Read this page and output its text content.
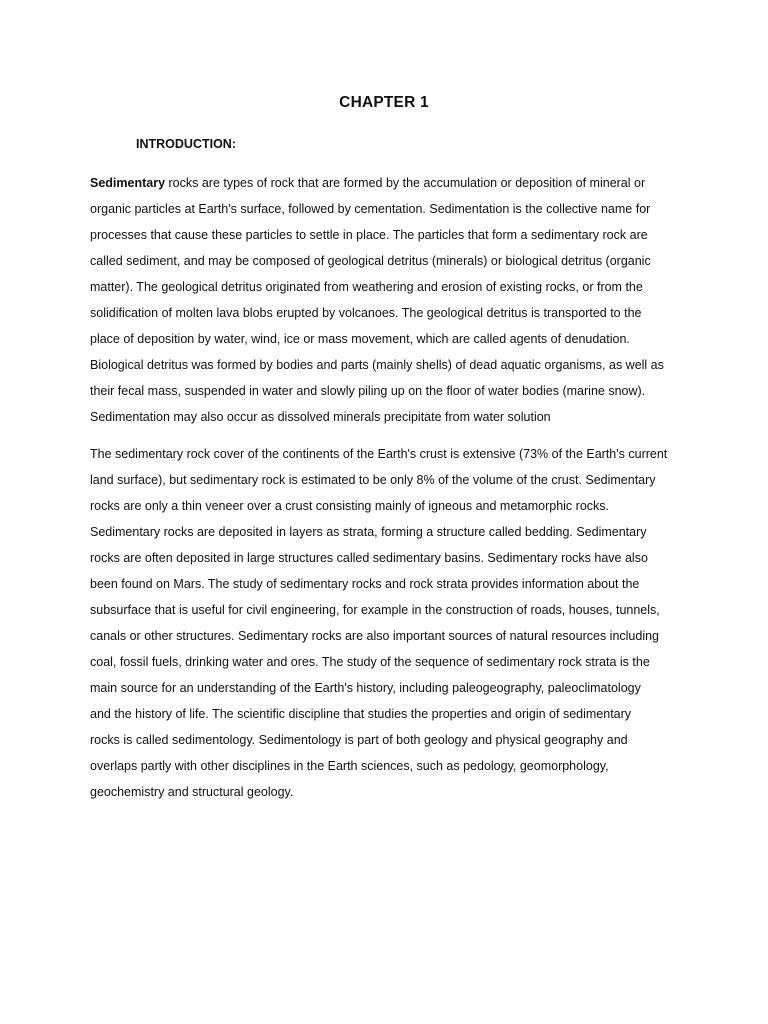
CHAPTER 1
INTRODUCTION:

Sedimentary rocks are types of rock that are formed by the accumulation or deposition of mineral or
organic particles at Earth's surface, followed by cementation. Sedimentation is the collective name for
processes that cause these particles to settle in place. The particles that form a sedimentary rock are
called sediment, and may be composed of geological detritus (minerals) or biological detritus (organic
matter). The geological detritus originated from weathering and erosion of existing rocks, or from the
solidification of molten lava blobs erupted by volcanoes. The geological detritus is transported to the
place of deposition by water, wind, ice or mass movement, which are called agents of denudation.
Biological detritus was formed by bodies and parts (mainly shells) of dead aquatic organisms, as well as
their fecal mass, suspended in water and slowly piling up on the floor of water bodies (marine snow).
Sedimentation may also occur as dissolved minerals precipitate from water solution

The sedimentary rock cover of the continents of the Earth's crust is extensive (73% of the Earth's current
land surface), but sedimentary rock is estimated to be only 8% of the volume of the crust. Sedimentary
rocks are only a thin veneer over a crust consisting mainly of igneous and metamorphic rocks.
Sedimentary rocks are deposited in layers as strata, forming a structure called bedding. Sedimentary
rocks are often deposited in large structures called sedimentary basins. Sedimentary rocks have also
been found on Mars. The study of sedimentary rocks and rock strata provides information about the
subsurface that is useful for civil engineering, for example in the construction of roads, houses, tunnels,
canals or other structures. Sedimentary rocks are also important sources of natural resources including
coal, fossil fuels, drinking water and ores. The study of the sequence of sedimentary rock strata is the
main source for an understanding of the Earth's history, including paleogeography, paleoclimatology
and the history of life. The scientific discipline that studies the properties and origin of sedimentary
rocks is called sedimentology. Sedimentology is part of both geology and physical geography and
overlaps partly with other disciplines in the Earth sciences, such as pedology, geomorphology,
geochemistry and structural geology.
